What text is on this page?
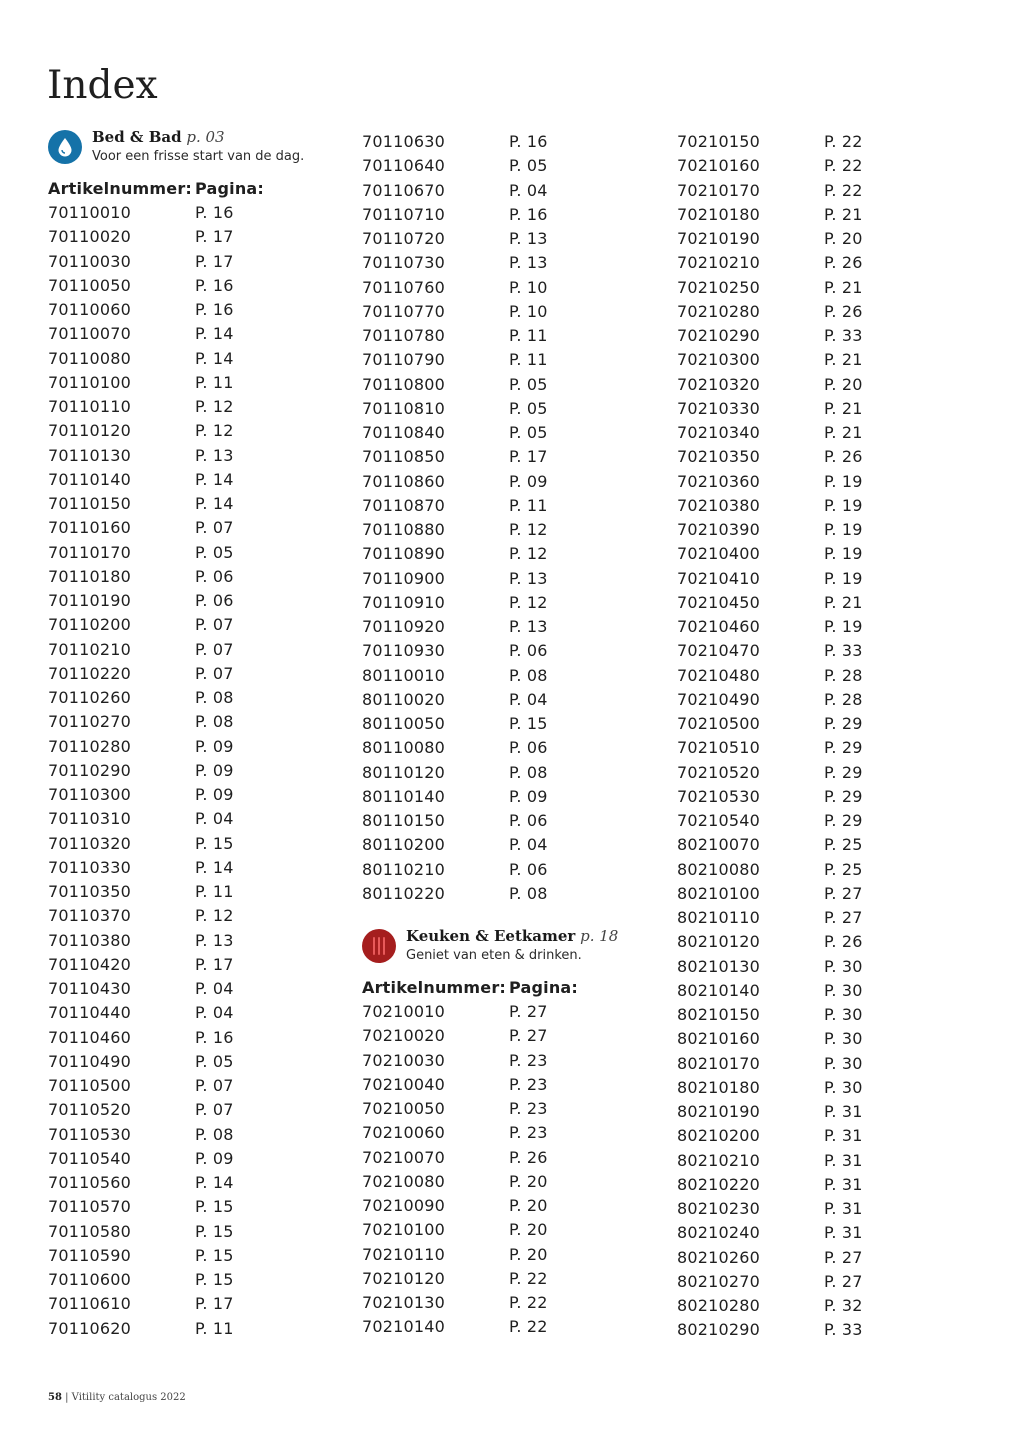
Index
Bed & Bad p. 03
Voor een frisse start van de dag.
Artikelnummer: Pagina:
70110010	P. 16
70110020	P. 17
70110030	P. 17
70110050	P. 16
70110060	P. 16
70110070	P. 14
70110080	P. 14
70110100	P. 11
70110110	P. 12
70110120	P. 12
70110130	P. 13
70110140	P. 14
70110150	P. 14
70110160	P. 07
70110170	P. 05
70110180	P. 06
70110190	P. 06
70110200	P. 07
70110210	P. 07
70110220	P. 07
70110260	P. 08
70110270	P. 08
70110280	P. 09
70110290	P. 09
70110300	P. 09
70110310	P. 04
70110320	P. 15
70110330	P. 14
70110350	P. 11
70110370	P. 12
70110380	P. 13
70110420	P. 17
70110430	P. 04
70110440	P. 04
70110460	P. 16
70110490	P. 05
70110500	P. 07
70110520	P. 07
70110530	P. 08
70110540	P. 09
70110560	P. 14
70110570	P. 15
70110580	P. 15
70110590	P. 15
70110600	P. 15
70110610	P. 17
70110620	P. 11
70110630	P. 16
70110640	P. 05
70110670	P. 04
70110710	P. 16
70110720	P. 13
70110730	P. 13
70110760	P. 10
70110770	P. 10
70110780	P. 11
70110790	P. 11
70110800	P. 05
70110810	P. 05
70110840	P. 05
70110850	P. 17
70110860	P. 09
70110870	P. 11
70110880	P. 12
70110890	P. 12
70110900	P. 13
70110910	P. 12
70110920	P. 13
70110930	P. 06
80110010	P. 08
80110020	P. 04
80110050	P. 15
80110080	P. 06
80110120	P. 08
80110140	P. 09
80110150	P. 06
80110200	P. 04
80110210	P. 06
80110220	P. 08
Keuken & Eetkamer p. 18
Geniet van eten & drinken.
Artikelnummer: Pagina:
70210010	P. 27
70210020	P. 27
70210030	P. 23
70210040	P. 23
70210050	P. 23
70210060	P. 23
70210070	P. 26
70210080	P. 20
70210090	P. 20
70210100	P. 20
70210110	P. 20
70210120	P. 22
70210130	P. 22
70210140	P. 22
70210150	P. 22
70210160	P. 22
70210170	P. 22
70210180	P. 21
70210190	P. 20
70210210	P. 26
70210250	P. 21
70210280	P. 26
70210290	P. 33
70210300	P. 21
70210320	P. 20
70210330	P. 21
70210340	P. 21
70210350	P. 26
70210360	P. 19
70210380	P. 19
70210390	P. 19
70210400	P. 19
70210410	P. 19
70210450	P. 21
70210460	P. 19
70210470	P. 33
70210480	P. 28
70210490	P. 28
70210500	P. 29
70210510	P. 29
70210520	P. 29
70210530	P. 29
70210540	P. 29
80210070	P. 25
80210080	P. 25
80210100	P. 27
80210110	P. 27
80210120	P. 26
80210130	P. 30
80210140	P. 30
80210150	P. 30
80210160	P. 30
80210170	P. 30
80210180	P. 30
80210190	P. 31
80210200	P. 31
80210210	P. 31
80210220	P. 31
80210230	P. 31
80210240	P. 31
80210260	P. 27
80210270	P. 27
80210280	P. 32
80210290	P. 33
58 | Vitility catalogus 2022
